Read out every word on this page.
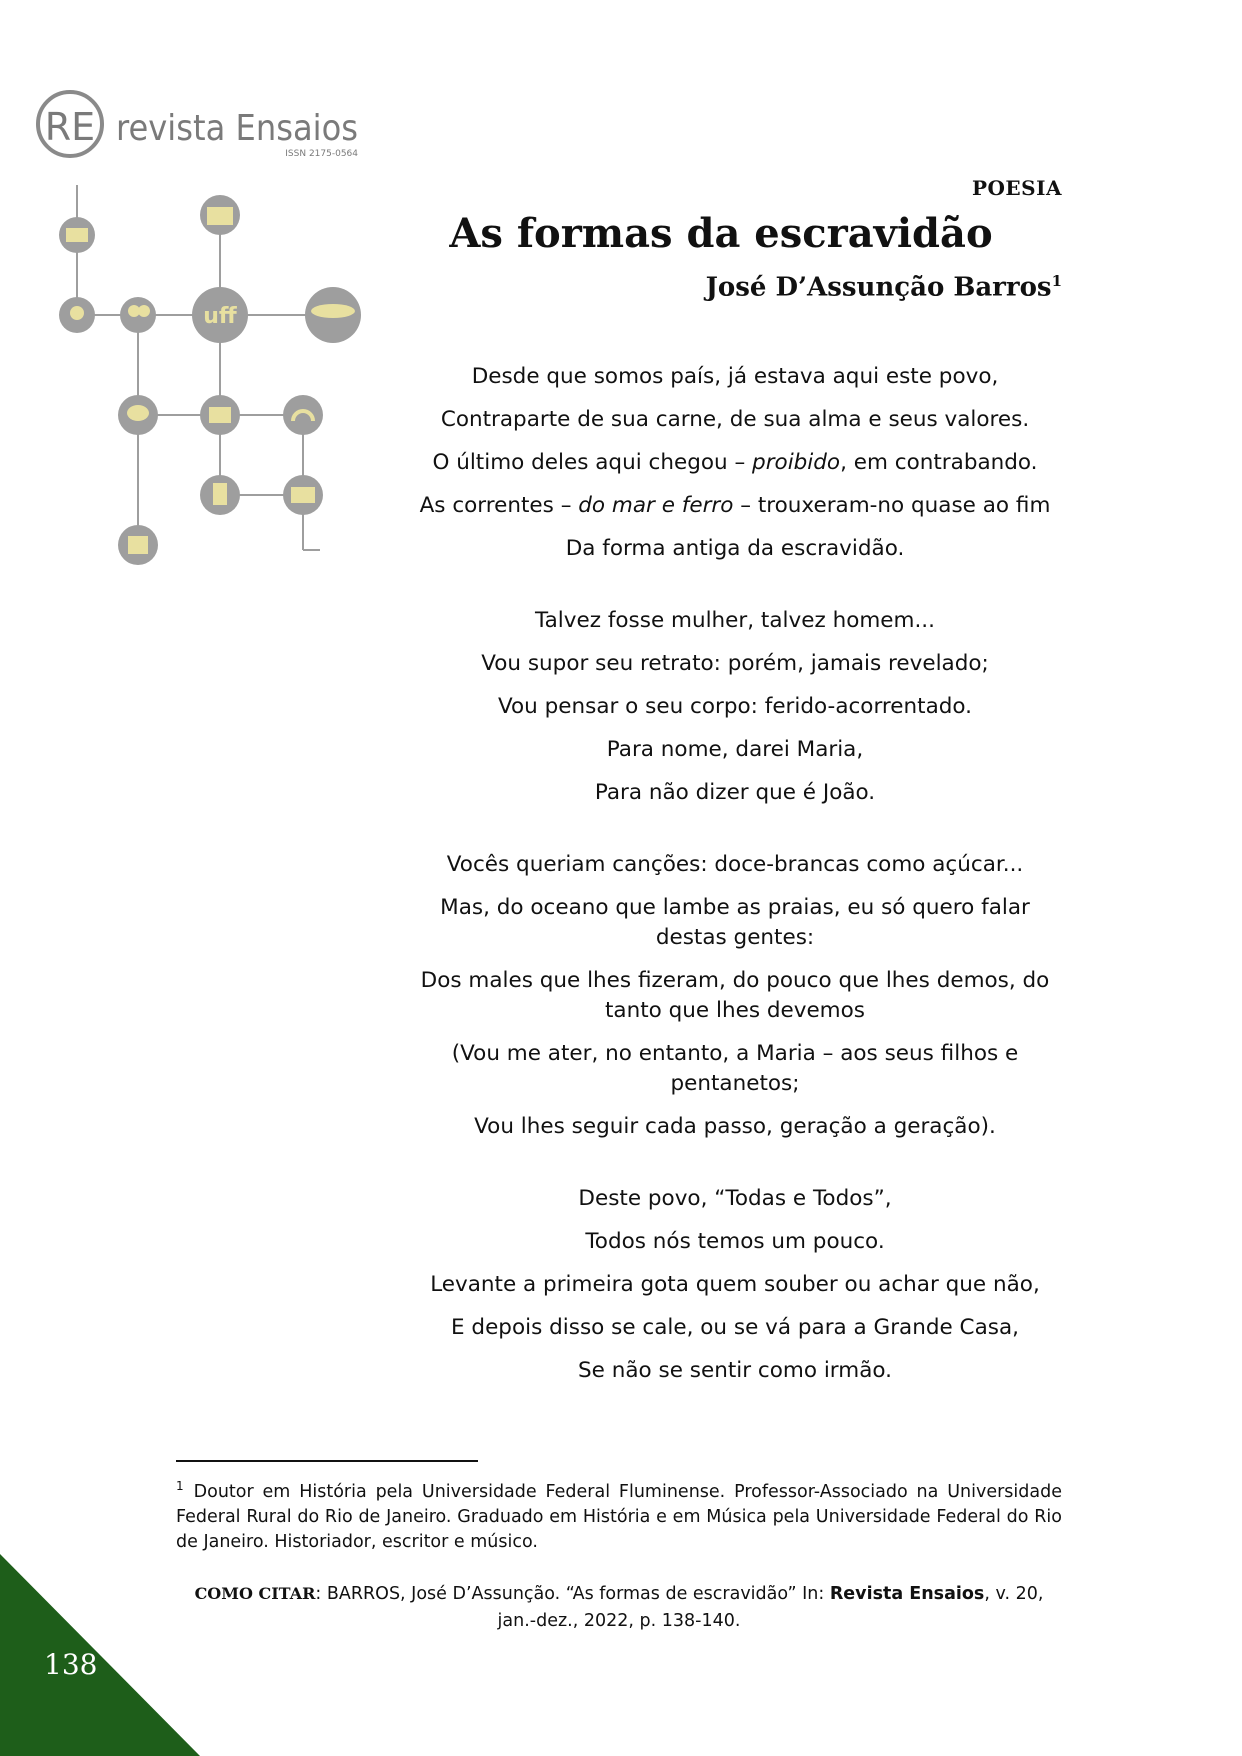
RE revista Ensaios
ISSN 2175-0564
uff
POESIA
As formas da escravidão
José D’Assunção Barros$^1$

Desde que somos país, já estava aqui este povo,

Contraparte de sua carne, de sua alma e seus valores.

O último deles aqui chegou – proibido, em contrabando.

As correntes – do mar e ferro – trouxeram-no quase ao fim

Da forma antiga da escravidão.

Talvez fosse mulher, talvez homem...

Vou supor seu retrato: porém, jamais revelado;

Vou pensar o seu corpo: ferido-acorrentado.

Para nome, darei Maria,

Para não dizer que é João.

Vocês queriam canções: doce-brancas como açúcar...

Mas, do oceano que lambe as praias, eu só quero falar destas gentes:

Dos males que lhes fizeram, do pouco que lhes demos, do tanto que lhes devemos

(Vou me ater, no entanto, a Maria – aos seus filhos e pentanetos;

Vou lhes seguir cada passo, geração a geração).

Deste povo, “Todas e Todos”,

Todos nós temos um pouco.

Levante a primeira gota quem souber ou achar que não,

E depois disso se cale, ou se vá para a Grande Casa,

Se não se sentir como irmão.

$^1$ Doutor em História pela Universidade Federal Fluminense. Professor-Associado na Universidade Federal Rural do Rio de Janeiro. Graduado em História e em Música pela Universidade Federal do Rio de Janeiro. Historiador, escritor e músico.
COMO CITAR: BARROS, José D’Assunção. “As formas de escravidão” In: Revista Ensaios, v. 20, jan.-dez., 2022, p. 138-140.
138
